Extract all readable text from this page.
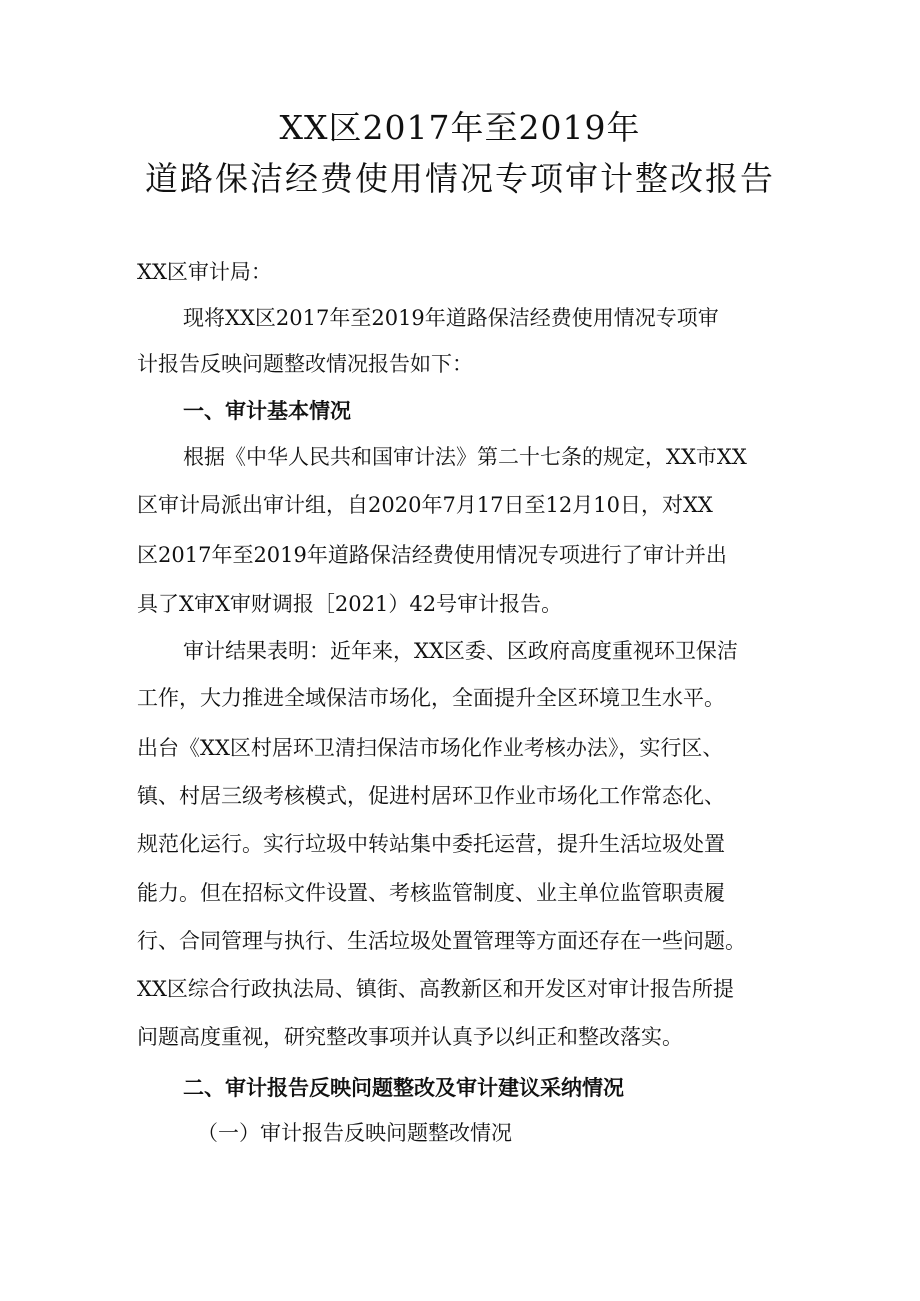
XX区2017年至2019年
道路保洁经费使用情况专项审计整改报告
XX区审计局：
现将XX区2017年至2019年道路保洁经费使用情况专项审
计报告反映问题整改情况报告如下：
一、审计基本情况
根据《中华人民共和国审计法》第二十七条的规定，XX市XX
区审计局派出审计组，自2020年7月17日至12月10日，对XX
区2017年至2019年道路保洁经费使用情况专项进行了审计并出
具了X审X审财调报［2021）42号审计报告。
审计结果表明：近年来，XX区委、区政府高度重视环卫保洁
工作，大力推进全域保洁市场化，全面提升全区环境卫生水平。
出台《XX区村居环卫清扫保洁市场化作业考核办法》，实行区、
镇、村居三级考核模式，促进村居环卫作业市场化工作常态化、
规范化运行。实行垃圾中转站集中委托运营，提升生活垃圾处置
能力。但在招标文件设置、考核监管制度、业主单位监管职责履
行、合同管理与执行、生活垃圾处置管理等方面还存在一些问题。
XX区综合行政执法局、镇街、高教新区和开发区对审计报告所提
问题高度重视，研究整改事项并认真予以纠正和整改落实。
二、审计报告反映问题整改及审计建议采纳情况
（一）审计报告反映问题整改情况
